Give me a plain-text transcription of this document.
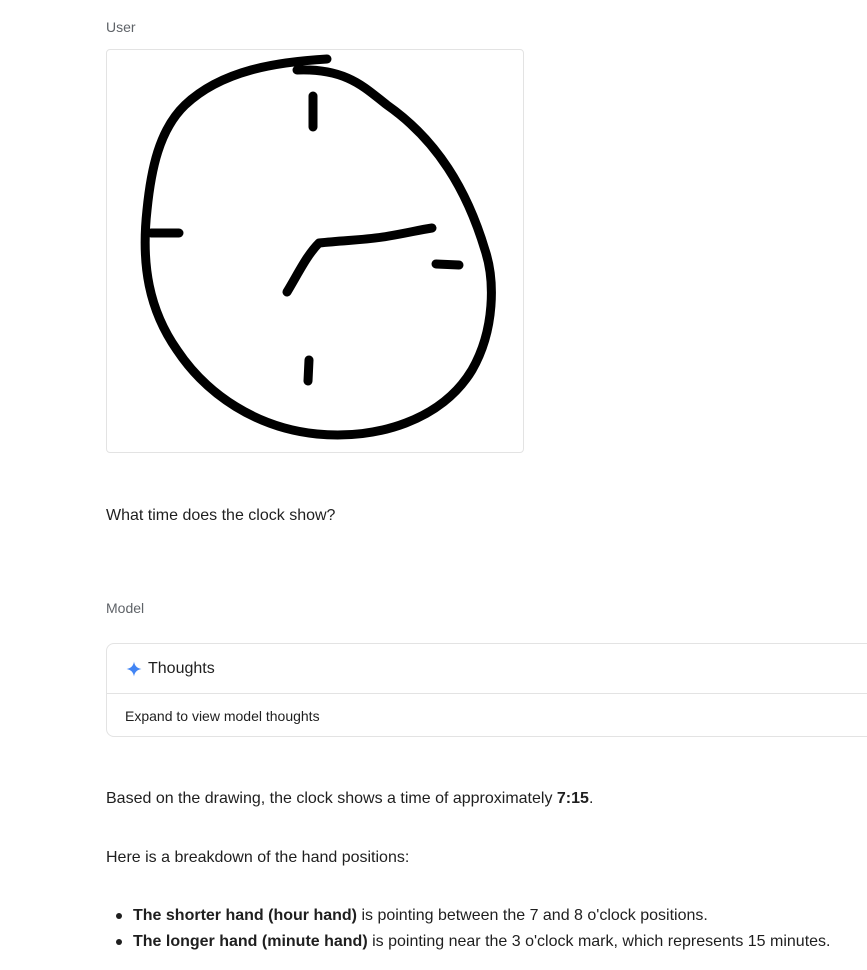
User
What time does the clock show?
Model
Thoughts
Expand to view model thoughts
Based on the drawing, the clock shows a time of approximately 7:15.
Here is a breakdown of the hand positions:
The shorter hand (hour hand) is pointing between the 7 and 8 o'clock positions.
The longer hand (minute hand) is pointing near the 3 o'clock mark, which represents 15 minutes.
